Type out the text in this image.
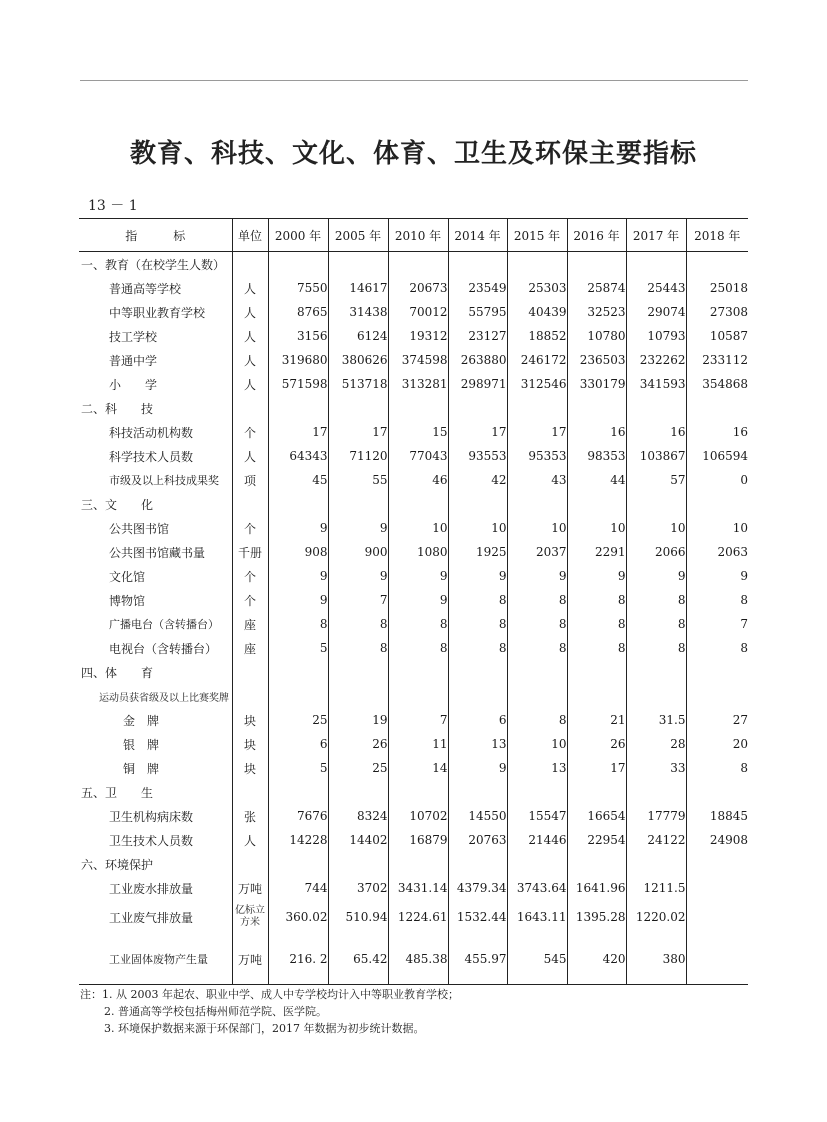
教育、科技、文化、体育、卫生及环保主要指标
13 － 1
指　　　标	单位	2000 年	2005 年	2010 年	2014 年	2015 年	2016 年	2017 年	2018 年
一、教育（在校学生人数）									
普通高等学校	人	7550	14617	20673	23549	25303	25874	25443	25018
中等职业教育学校	人	8765	31438	70012	55795	40439	32523	29074	27308
技工学校	人	3156	6124	19312	23127	18852	10780	10793	10587
普通中学	人	319680	380626	374598	263880	246172	236503	232262	233112
小　　学	人	571598	513718	313281	298971	312546	330179	341593	354868
二、科　　技									
科技活动机构数	个	17	17	15	17	17	16	16	16
科学技术人员数	人	64343	71120	77043	93553	95353	98353	103867	106594
市级及以上科技成果奖	项	45	55	46	42	43	44	57	0
三、文　　化									
公共图书馆	个	9	9	10	10	10	10	10	10
公共图书馆藏书量	千册	908	900	1080	1925	2037	2291	2066	2063
文化馆	个	9	9	9	9	9	9	9	9
博物馆	个	9	7	9	8	8	8	8	8
广播电台（含转播台）	座	8	8	8	8	8	8	8	7
电视台（含转播台）	座	5	8	8	8	8	8	8	8
四、体　　育									
运动员获省级及以上比赛奖牌									
金　牌	块	25	19	7	6	8	21	31.5	27
银　牌	块	6	26	11	13	10	26	28	20
铜　牌	块	5	25	14	9	13	17	33	8
五、卫　　生									
卫生机构病床数	张	7676	8324	10702	14550	15547	16654	17779	18845
卫生技术人员数	人	14228	14402	16879	20763	21446	22954	24122	24908
六、环境保护									
工业废水排放量	万吨	744	3702	3431.14	4379.34	3743.64	1641.96	1211.5	
工业废气排放量	亿标立
方米	360.02	510.94	1224.61	1532.44	1643.11	1395.28	1220.02	
工业固体废物产生量	万吨	216. 2	65.42	485.38	455.97	545	420	380	
注：1. 从 2003 年起农、职业中学、成人中专学校均计入中等职业教育学校；
2. 普通高等学校包括梅州师范学院、医学院。
3. 环境保护数据来源于环保部门，2017 年数据为初步统计数据。
